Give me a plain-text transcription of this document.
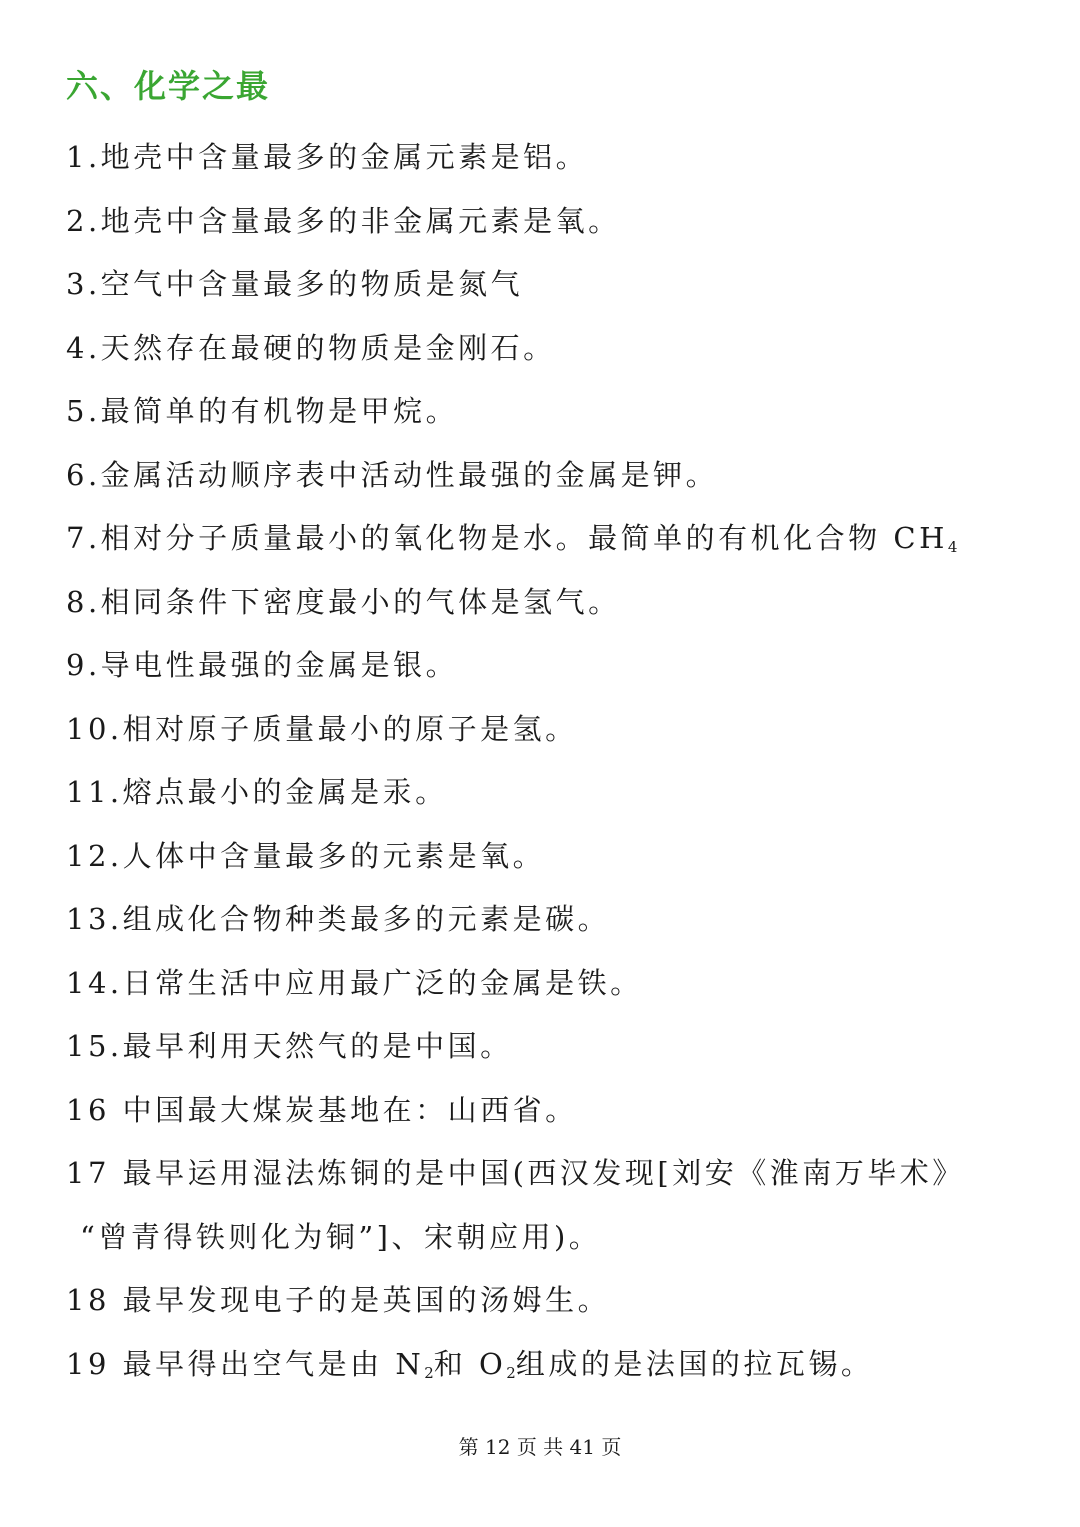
六、化学之最
1.地壳中含量最多的金属元素是铝。
2.地壳中含量最多的非金属元素是氧。
3.空气中含量最多的物质是氮气
4.天然存在最硬的物质是金刚石。
5.最简单的有机物是甲烷。
6.金属活动顺序表中活动性最强的金属是钾。
7.相对分子质量最小的氧化物是水。最简单的有机化合物 $CH_4$
8.相同条件下密度最小的气体是氢气。
9.导电性最强的金属是银。
10.相对原子质量最小的原子是氢。
11.熔点最小的金属是汞。
12.人体中含量最多的元素是氧。
13.组成化合物种类最多的元素是碳。
14.日常生活中应用最广泛的金属是铁。
15.最早利用天然气的是中国。
16 中国最大煤炭基地在：山西省。
17 最早运用湿法炼铜的是中国(西汉发现[刘安《淮南万毕术》
“曾青得铁则化为铜”]、宋朝应用)。
18 最早发现电子的是英国的汤姆生。
19 最早得出空气是由 $N_2$和 $O_2$组成的是法国的拉瓦锡。
第 12 页 共 41 页
